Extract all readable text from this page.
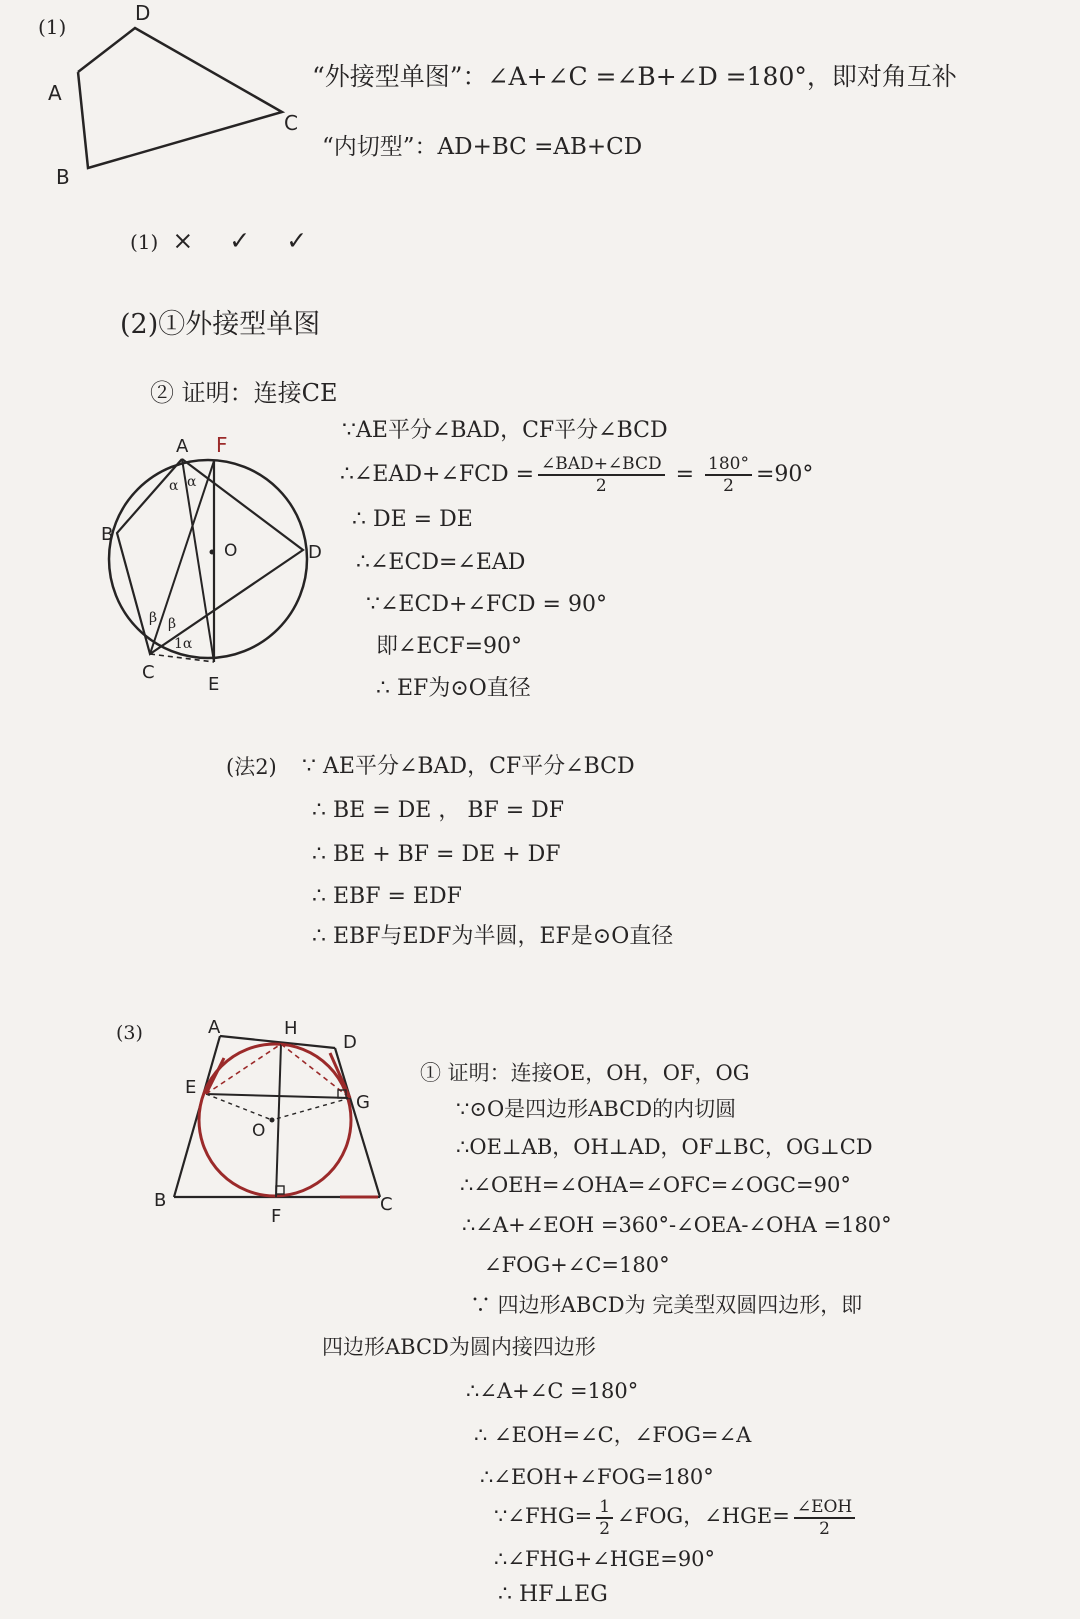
(1)
D
A
C
B
“外接型单图”：∠A+∠C =∠B+∠D =180°，即对角互补
“内切型”：AD+BC =AB+CD
(1) × ✓ ✓
(2)①外接型单图
② 证明：连接CE
A F
B
D
O
C
E
α α
β β
1α
∵AE平分∠BAD，CF平分∠BCD
∴∠EAD+∠FCD = $\frac{\text{∠BAD+∠BCD}}{2} = \frac{180^\circ}{2} =90^\circ$
∴ DE = DE
∴∠ECD=∠EAD
∵∠ECD+∠FCD = 90°
即∠ECF=90°
∴ EF为⊙O直径
(法2) ∵ AE平分∠BAD，CF平分∠BCD
∴ BE = DE ， BF = DF
∴ BE + BF = DE + DF
∴ EBF = EDF
∴ EBF与EDF为半圆，EF是⊙O直径
(3)	A	H
D
E
G
O
B
F
C
① 证明：连接OE，OH，OF，OG
∵⊙O是四边形ABCD的内切圆
∴OE⊥AB，OH⊥AD，OF⊥BC，OG⊥CD
∴∠OEH=∠OHA=∠OFC=∠OGC=90°
∴∠A+∠EOH =360°-∠OEA-∠OHA =180°
∠FOG+∠C=180°
∵ 四边形ABCD为 完美型双圆四边形，即
四边形ABCD为圆内接四边形
∴∠A+∠C =180°
∴ ∠EOH=∠C，∠FOG=∠A
∴∠EOH+∠FOG=180°
∵∠FHG= $\frac{1}{2}$ ∠FOG，∠HGE= $\frac{\text{∠EOH}}{2}$
∴∠FHG+∠HGE=90°
∴ HF⊥EG
